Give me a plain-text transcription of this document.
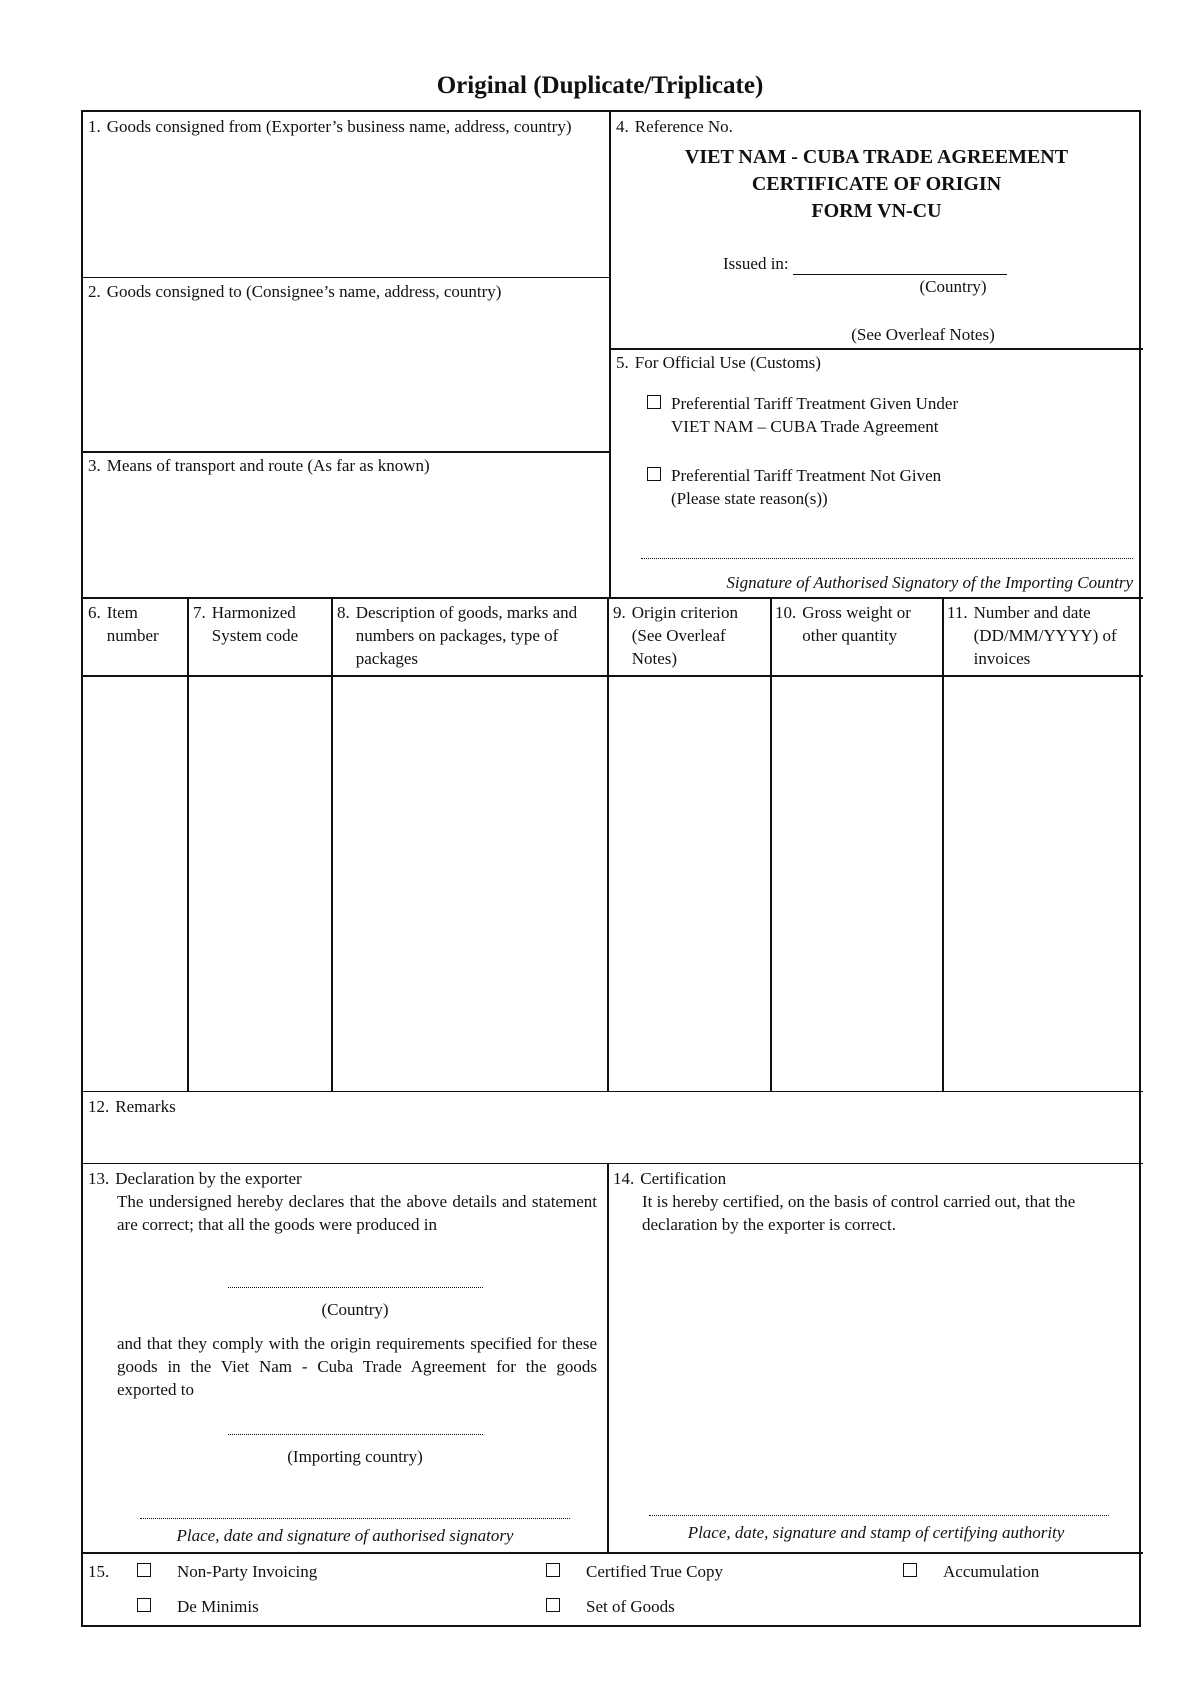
Original (Duplicate/Triplicate)
1. Goods consigned from (Exporter’s business name, address, country)
2. Goods consigned to (Consignee’s name, address, country)
3. Means of transport and route (As far as known)
4. Reference No.
VIET NAM - CUBA TRADE AGREEMENT
CERTIFICATE OF ORIGIN
FORM VN-CU
Issued in:
(Country)
(See Overleaf Notes)
5. For Official Use (Customs)
Preferential Tariff Treatment Given Under
VIET NAM – CUBA Trade Agreement
Preferential Tariff Treatment Not Given
(Please state reason(s))
Signature of Authorised Signatory of the Importing Country
6. Item number
7. Harmonized System code
8. Description of goods, marks and numbers on packages, type of packages
9. Origin criterion (See Overleaf Notes)
10. Gross weight or other quantity
11. Number and date (DD/MM/YYYY) of invoices
12. Remarks
13. Declaration by the exporter
The undersigned hereby declares that the above details and statement are correct; that all the goods were produced in
(Country)
and that they comply with the origin requirements specified for these goods in the Viet Nam - Cuba Trade Agreement for the goods exported to
(Importing country)
Place, date and signature of authorised signatory
14. Certification
It is hereby certified, on the basis of control carried out, that the declaration by the exporter is correct.
Place, date, signature and stamp of certifying authority
15.	Non-Party Invoicing	Certified True Copy	Accumulation
De Minimis	Set of Goods
